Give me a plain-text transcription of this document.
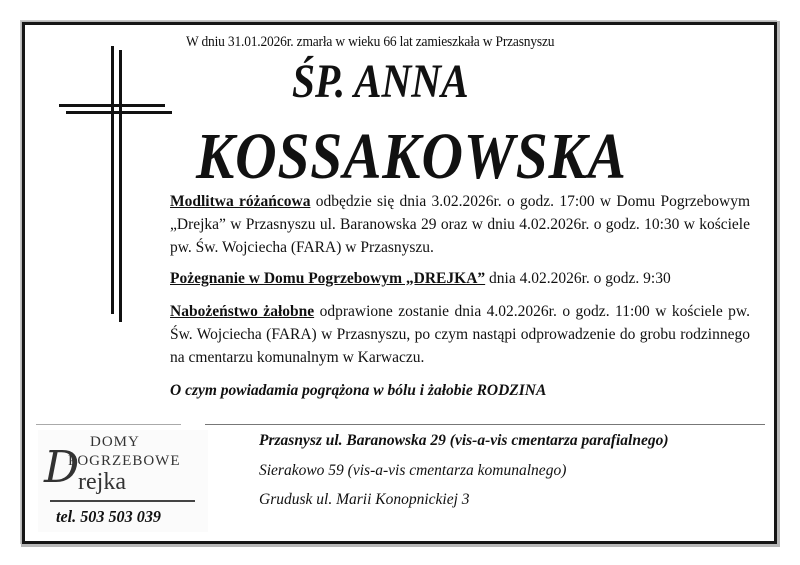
W dniu 31.01.2026r. zmarła w wieku 66 lat zamieszkała w Przasnyszu
ŚP. ANNA
KOSSAKOWSKA

Modlitwa różańcowa odbędzie się dnia 3.02.2026r. o godz. 17:00 w Domu Pogrzebowym „Drejka” w Przasnyszu ul. Baranowska 29 oraz w dniu 4.02.2026r. o godz. 10:30 w kościele pw. Św. Wojciecha (FARA) w Przasnyszu.

Pożegnanie w Domu Pogrzebowym „DREJKA” dnia 4.02.2026r. o godz. 9:30

Nabożeństwo żałobne odprawione zostanie dnia 4.02.2026r. o godz. 11:00 w kościele pw. Św. Wojciecha (FARA) w Przasnyszu, po czym nastąpi odprowadzenie do grobu rodzinnego na cmentarzu komunalnym w Karwaczu.

O czym powiadamia pogrążona w bólu i żałobie RODZINA
DOMY
POGRZEBOWE
D
rejka
tel. 503 503 039
Przasnysz ul. Baranowska 29 (vis-a-vis cmentarza parafialnego)
Sierakowo 59 (vis-a-vis cmentarza komunalnego)
Grudusk ul. Marii Konopnickiej 3
